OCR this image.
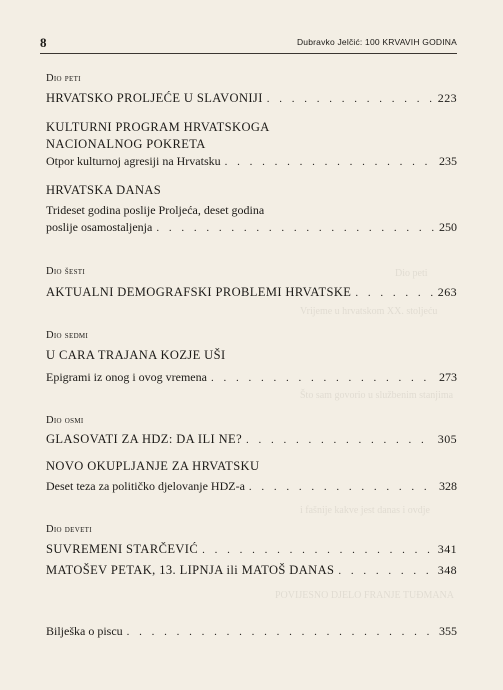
8	Dubravko Jelčić: 100 KRVAVIH GODINA
Dio peti
Vrijeme u hrvatskom XX. stoljeću
Što sam govorio u službenim stanjima
i fašnije kakve jest danas i ovdje
POVIJESNO DJELO FRANJE TUĐMANA
Dio peti
HRVATSKO PROLJEĆE U SLAVONIJI . . .	223
KULTURNI PROGRAM HRVATSKOGA
NACIONALNOG POKRETA
Otpor kulturnoj agresiji na Hrvatsku . . .	235
HRVATSKA DANAS
Trideset godina poslije Proljeća, deset godina
poslije osamostaljenja . . .	250
Dio šesti
AKTUALNI DEMOGRAFSKI PROBLEMI HRVATSKE . . .	263
Dio sedmi
U CARA TRAJANA KOZJE UŠI
Epigrami iz onog i ovog vremena . . .	273
Dio osmi
GLASOVATI ZA HDZ: DA ILI NE? . . .	305
NOVO OKUPLJANJE ZA HRVATSKU
Deset teza za političko djelovanje HDZ-a . . .	328
Dio deveti
SUVREMENI STARČEVIĆ . . .	341
MATOŠEV PETAK, 13. LIPNJA ili MATOŠ DANAS . . .	348
Bilješka o piscu . . .	355
